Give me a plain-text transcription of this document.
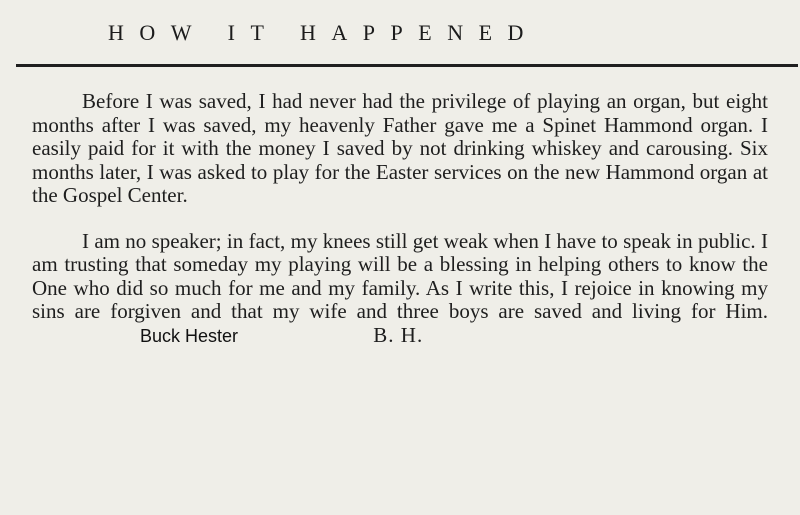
HOW IT HAPPENED

Before I was saved, I had never had the privilege of playing an organ, but eight months after I was saved, my heavenly Father gave me a Spinet Hammond organ. I easily paid for it with the money I saved by not drinking whiskey and carousing. Six months later, I was asked to play for the Easter services on the new Hammond organ at the Gospel Center.

I am no speaker; in fact, my knees still get weak when I have to speak in public. I am trusting that someday my playing will be a blessing in helping others to know the One who did so much for me and my family. As I write this, I rejoice in knowing my sins are forgiven and that my wife and three boys are saved and living for Him. Buck Hester	B. H.
